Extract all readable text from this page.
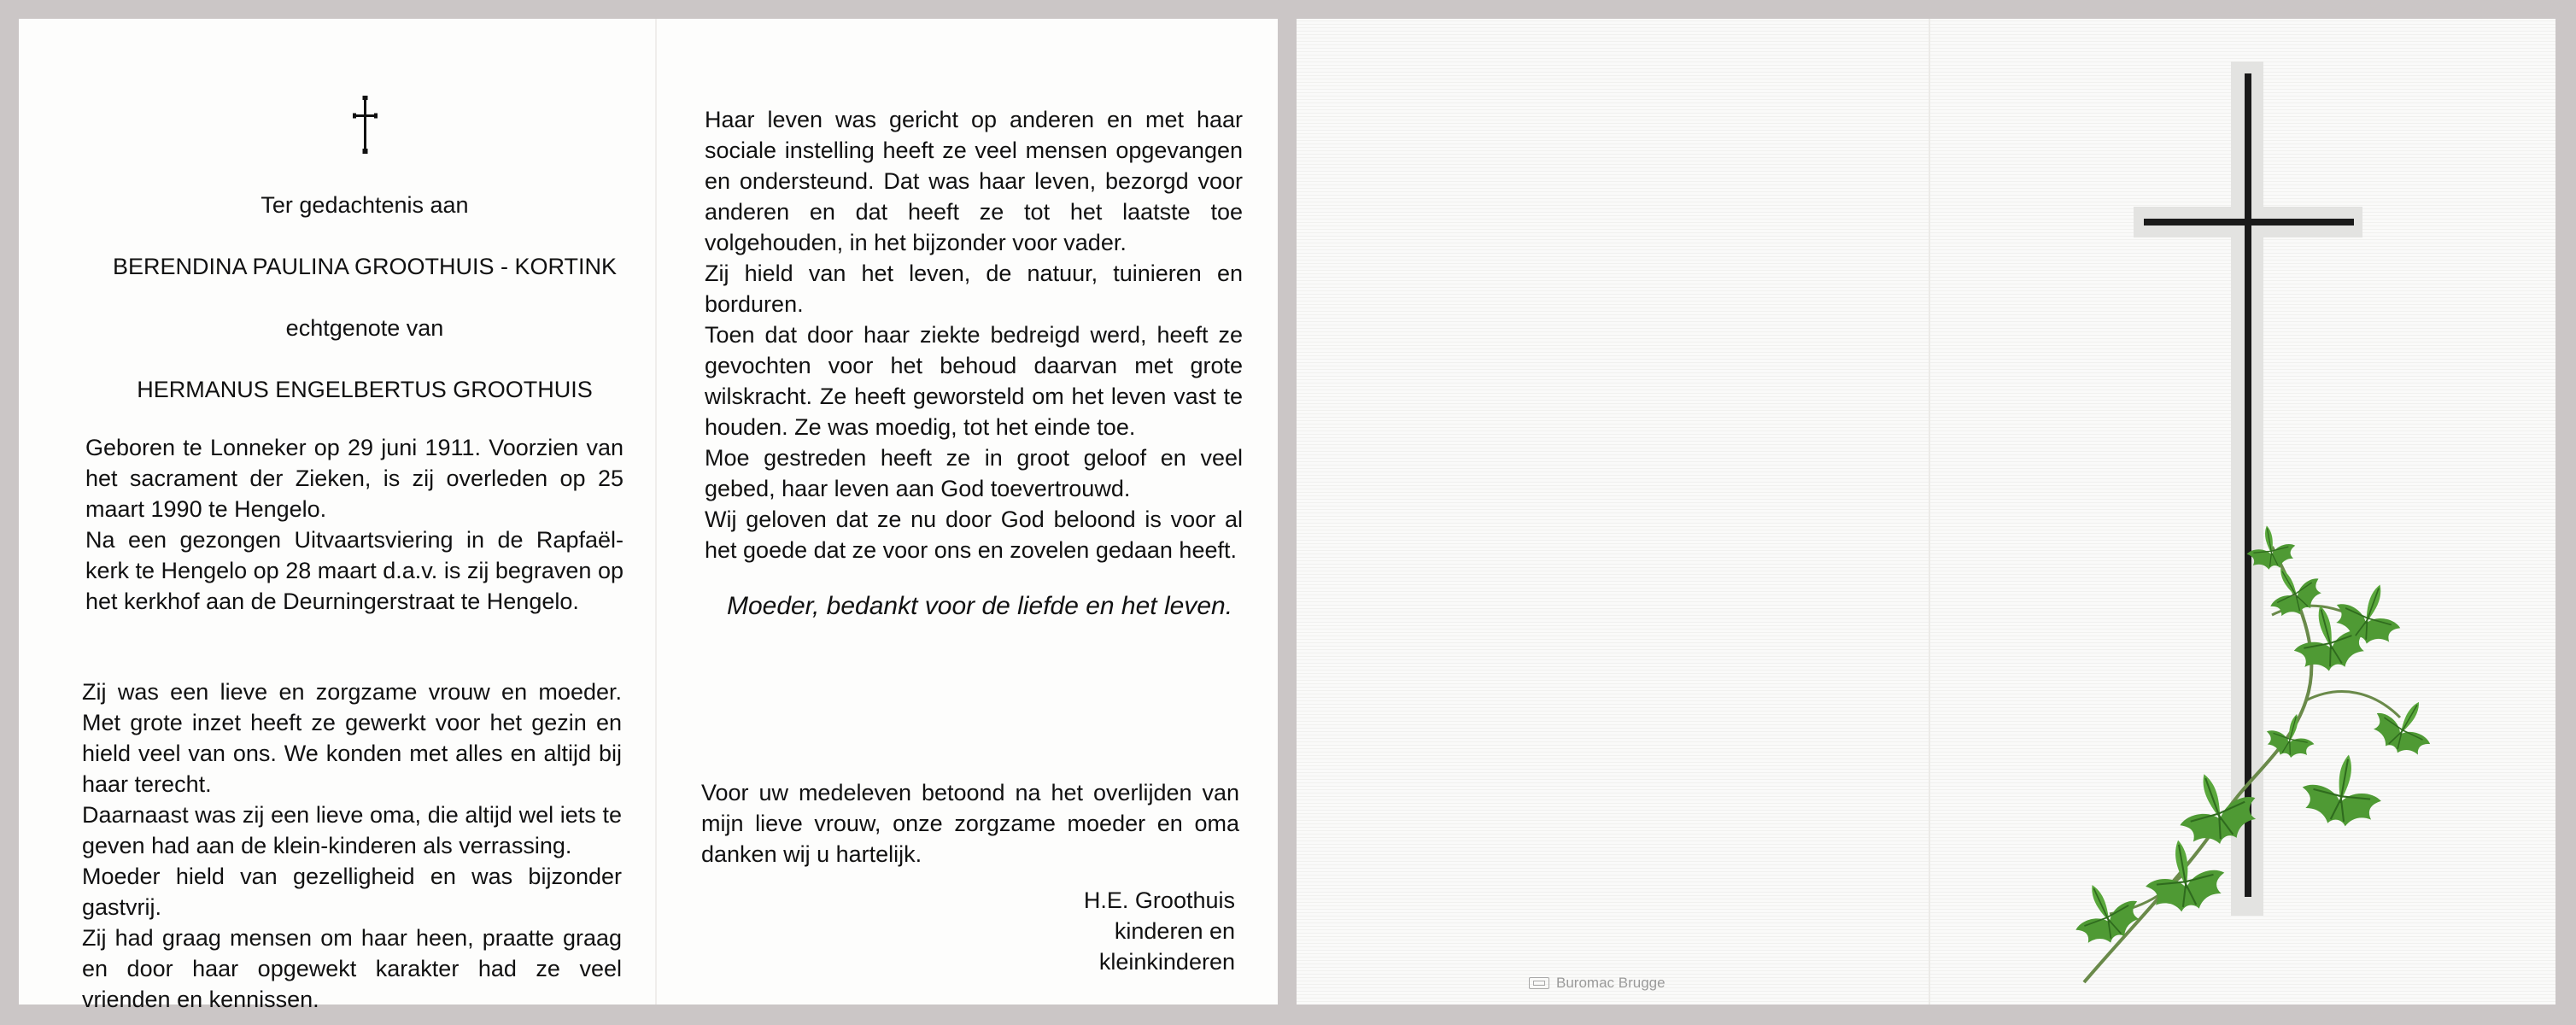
Ter gedachtenis aan
BERENDINA PAULINA GROOTHUIS - KORTINK
echtgenote van
HERMANUS ENGELBERTUS GROOTHUIS

Geboren te Lonneker op 29 juni 1911. Voorzien van het sacrament der Zieken, is zij overleden op 25 maart 1990 te Hengelo.

Na een gezongen Uitvaartsviering in de Rapfaël-kerk te Hengelo op 28 maart d.a.v. is zij begraven op het kerkhof aan de Deurningerstraat te Hengelo.

Zij was een lieve en zorgzame vrouw en moeder. Met grote inzet heeft ze gewerkt voor het gezin en hield veel van ons. We konden met alles en altijd bij haar terecht.

Daarnaast was zij een lieve oma, die altijd wel iets te geven had aan de klein-kinderen als verrassing.

Moeder hield van gezelligheid en was bijzonder gastvrij.

Zij had graag mensen om haar heen, praatte graag en door haar opgewekt karakter had ze veel vrienden en kennissen.

Haar leven was gericht op anderen en met haar sociale instelling heeft ze veel mensen opgevangen en ondersteund. Dat was haar leven, bezorgd voor anderen en dat heeft ze tot het laatste toe volgehouden, in het bijzonder voor vader.

Zij hield van het leven, de natuur, tuinieren en borduren.

Toen dat door haar ziekte bedreigd werd, heeft ze gevochten voor het behoud daarvan met grote wilskracht. Ze heeft geworsteld om het leven vast te houden. Ze was moedig, tot het einde toe.

Moe gestreden heeft ze in groot geloof en veel gebed, haar leven aan God toevertrouwd.

Wij geloven dat ze nu door God beloond is voor al het goede dat ze voor ons en zovelen gedaan heeft.

Moeder, bedankt voor de liefde en het leven.
Voor uw medeleven betoond na het overlijden van mijn lieve vrouw, onze zorgzame moeder en oma danken wij u hartelijk.
H.E. Groothuis
kinderen en
kleinkinderen
Buromac Brugge
